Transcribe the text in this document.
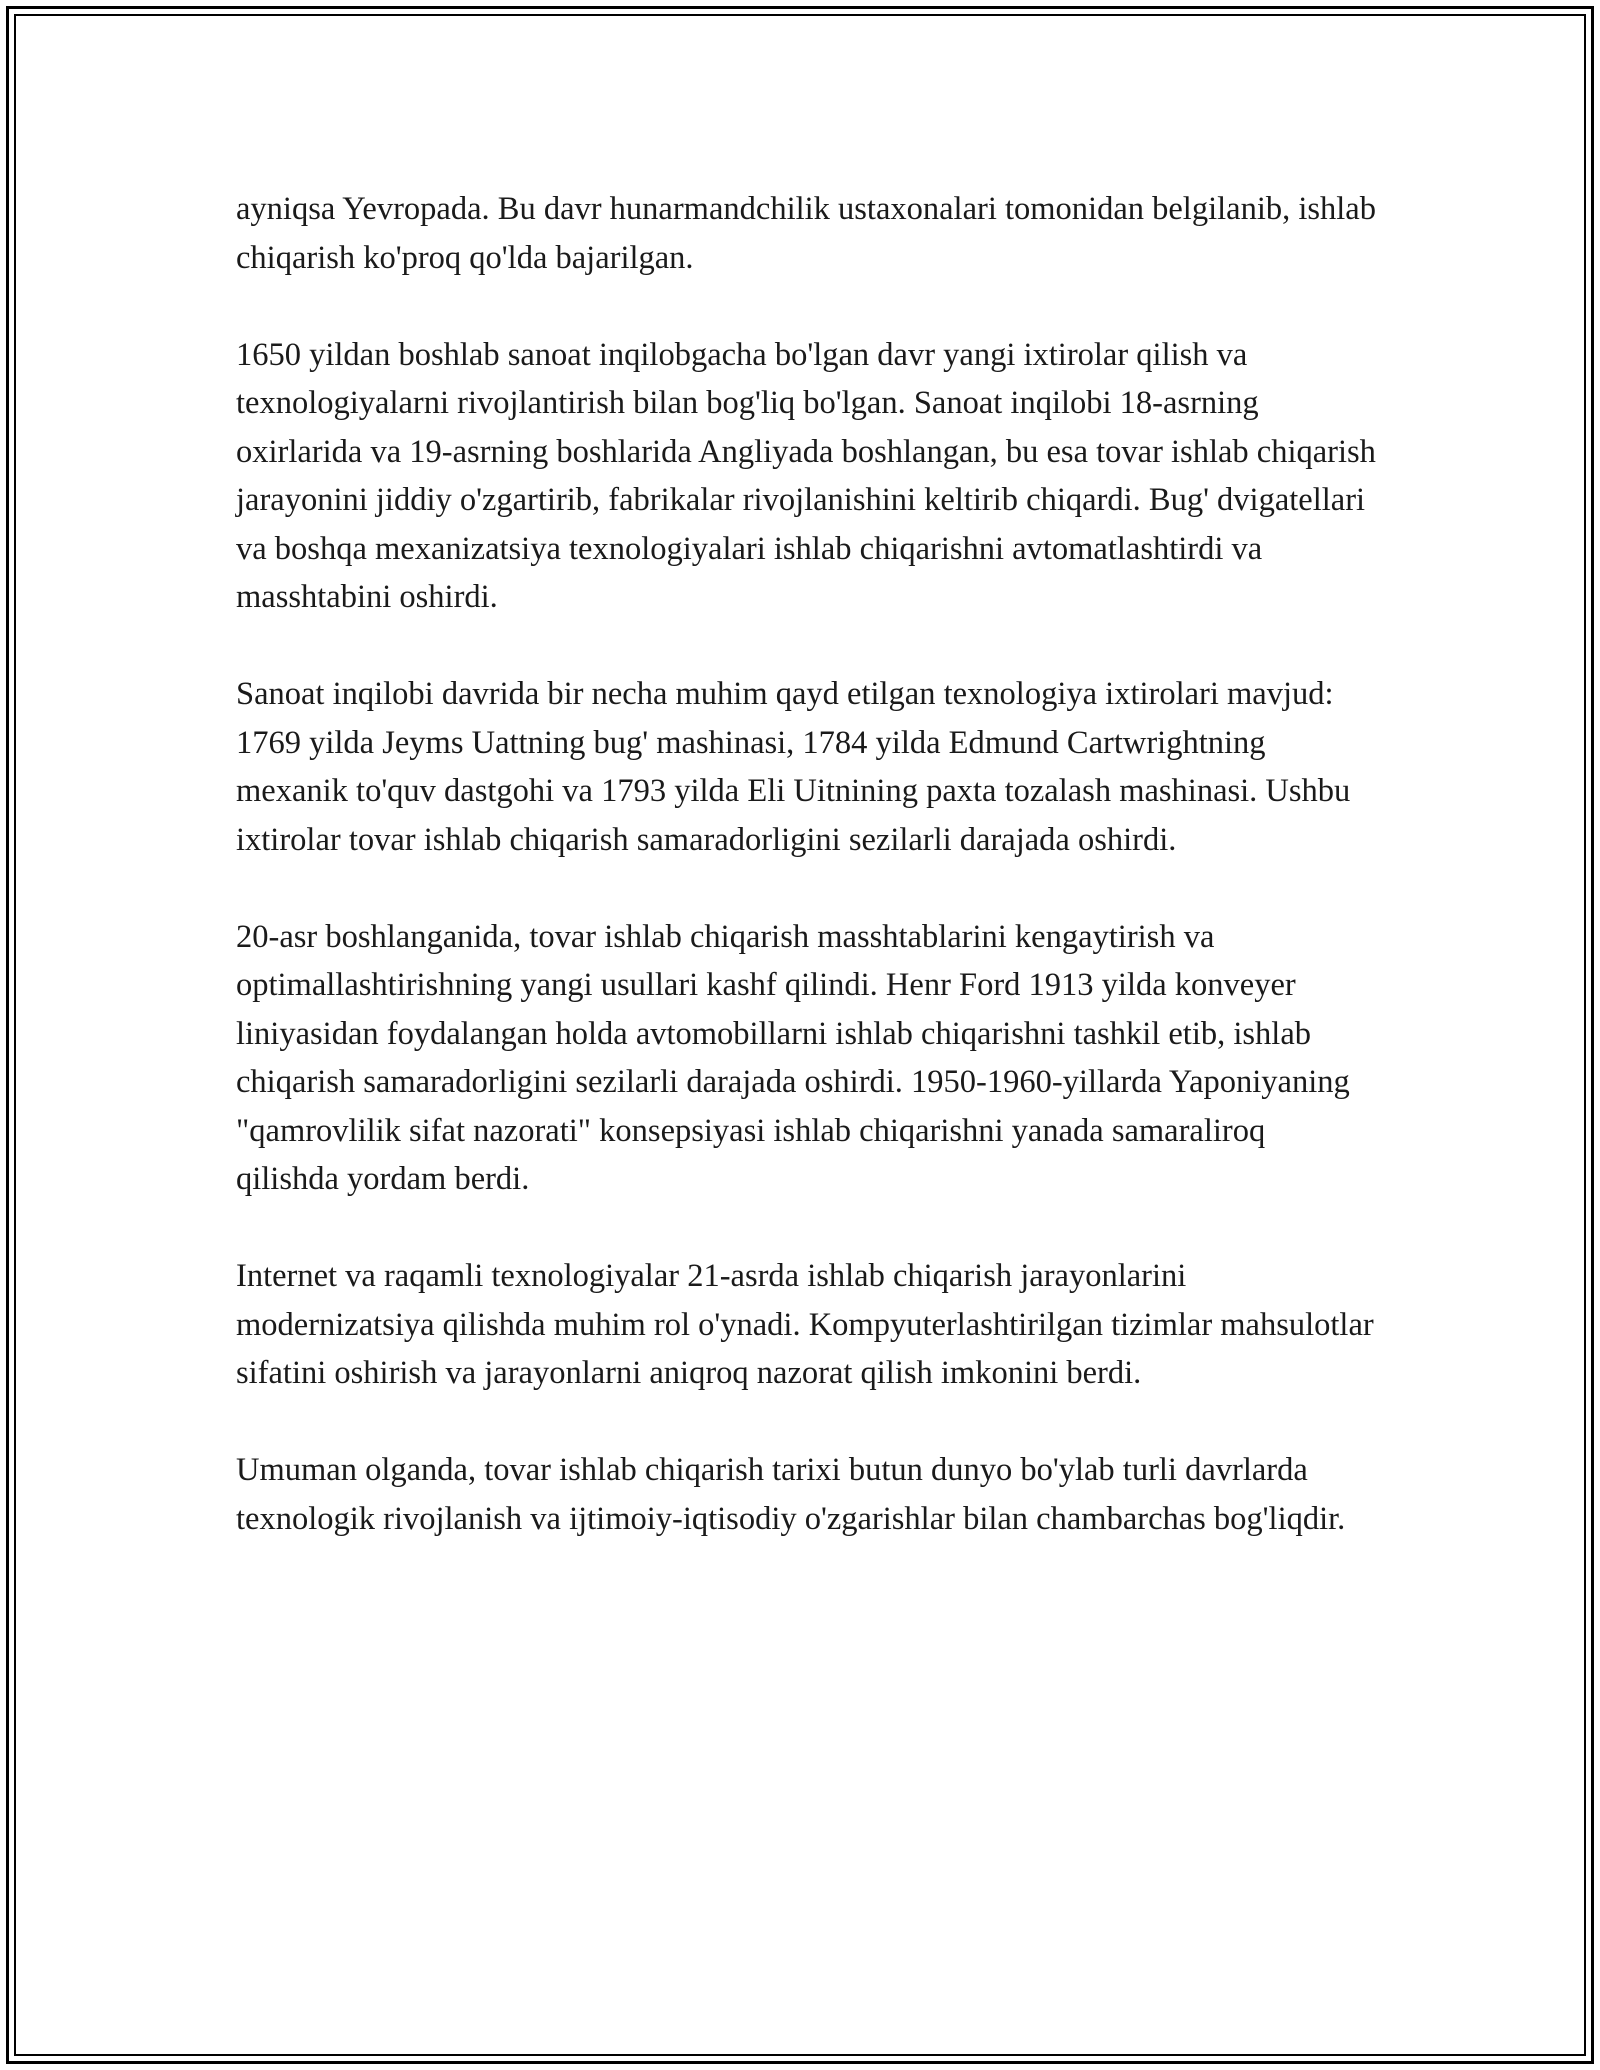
ayniqsa Yevropada. Bu davr hunarmandchilik ustaxonalari tomonidan belgilanib, ishlab chiqarish ko'proq qo'lda bajarilgan.

1650 yildan boshlab sanoat inqilobgacha bo'lgan davr yangi ixtirolar qilish va texnologiyalarni rivojlantirish bilan bog'liq bo'lgan. Sanoat inqilobi 18-asrning oxirlarida va 19-asrning boshlarida Angliyada boshlangan, bu esa tovar ishlab chiqarish jarayonini jiddiy o'zgartirib, fabrikalar rivojlanishini keltirib chiqardi. Bug' dvigatellari va boshqa mexanizatsiya texnologiyalari ishlab chiqarishni avtomatlashtirdi va masshtabini oshirdi.

Sanoat inqilobi davrida bir necha muhim qayd etilgan texnologiya ixtirolari mavjud: 1769 yilda Jeyms Uattning bug' mashinasi, 1784 yilda Edmund Cartwrightning mexanik to'quv dastgohi va 1793 yilda Eli Uitnining paxta tozalash mashinasi. Ushbu ixtirolar tovar ishlab chiqarish samaradorligini sezilarli darajada oshirdi.

20-asr boshlanganida, tovar ishlab chiqarish masshtablarini kengaytirish va optimallashtirishning yangi usullari kashf qilindi. Henr Ford 1913 yilda konveyer liniyasidan foydalangan holda avtomobillarni ishlab chiqarishni tashkil etib, ishlab chiqarish samaradorligini sezilarli darajada oshirdi. 1950-1960-yillarda Yaponiyaning "qamrovlilik sifat nazorati" konsepsiyasi ishlab chiqarishni yanada samaraliroq qilishda yordam berdi.

Internet va raqamli texnologiyalar 21-asrda ishlab chiqarish jarayonlarini modernizatsiya qilishda muhim rol o'ynadi. Kompyuterlashtirilgan tizimlar mahsulotlar sifatini oshirish va jarayonlarni aniqroq nazorat qilish imkonini berdi.

Umuman olganda, tovar ishlab chiqarish tarixi butun dunyo bo'ylab turli davrlarda texnologik rivojlanish va ijtimoiy-iqtisodiy o'zgarishlar bilan chambarchas bog'liqdir.
